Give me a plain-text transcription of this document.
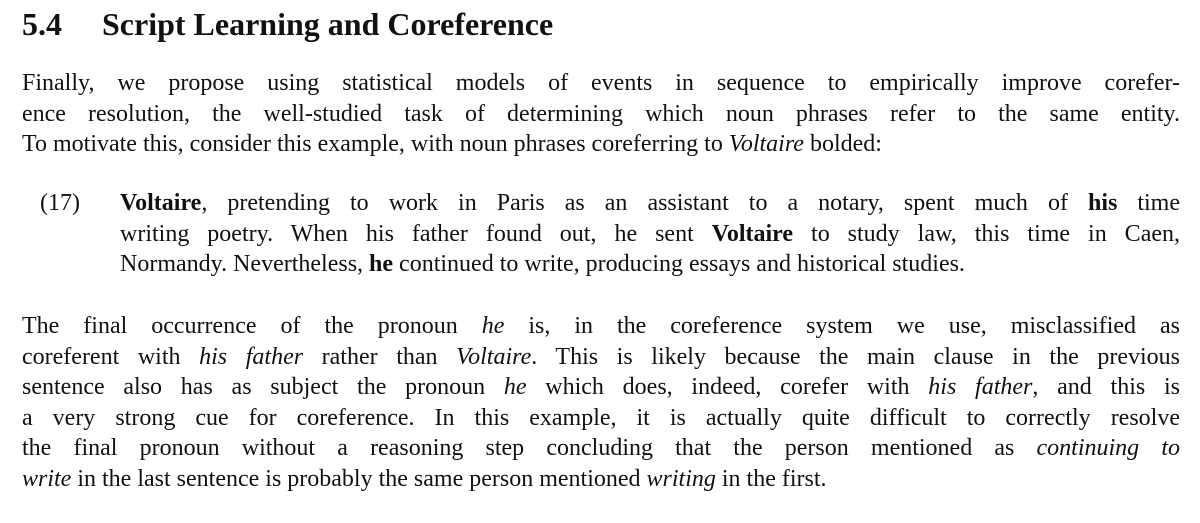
5.4 Script Learning and Coreference
Finally, we propose using statistical models of events in sequence to empirically improve corefer-
ence resolution, the well-studied task of determining which noun phrases refer to the same entity.
To motivate this, consider this example, with noun phrases coreferring to Voltaire bolded:
(17) Voltaire, pretending to work in Paris as an assistant to a notary, spent much of his time
writing poetry. When his father found out, he sent Voltaire to study law, this time in Caen,
Normandy. Nevertheless, he continued to write, producing essays and historical studies.
The final occurrence of the pronoun he is, in the coreference system we use, misclassified as
coreferent with his father rather than Voltaire. This is likely because the main clause in the previous
sentence also has as subject the pronoun he which does, indeed, corefer with his father, and this is
a very strong cue for coreference. In this example, it is actually quite difficult to correctly resolve
the final pronoun without a reasoning step concluding that the person mentioned as continuing to
write in the last sentence is probably the same person mentioned writing in the first.
